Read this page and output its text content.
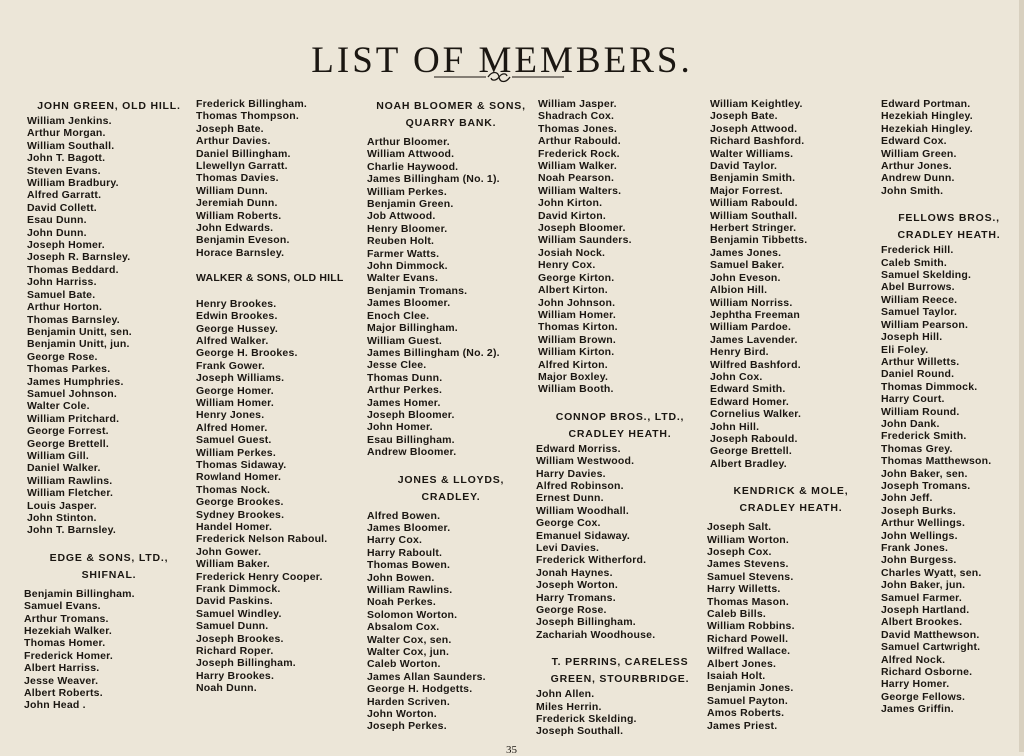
LIST OF MEMBERS.
JOHN GREEN, OLD HILL.
William Jenkins.
Arthur Morgan.
William Southall.
John T. Bagott.
Steven Evans.
William Bradbury.
Alfred Garratt.
David Collett.
Esau Dunn.
John Dunn.
Joseph Homer.
Joseph R. Barnsley.
Thomas Beddard.
John Harriss.
Samuel Bate.
Arthur Horton.
Thomas Barnsley.
Benjamin Unitt, sen.
Benjamin Unitt, jun.
George Rose.
Thomas Parkes.
James Humphries.
Samuel Johnson.
Walter Cole.
William Pritchard.
George Forrest.
George Brettell.
William Gill.
Daniel Walker.
William Rawlins.
William Fletcher.
Louis Jasper.
John Stinton.
John T. Barnsley.
EDGE & SONS, LTD.,
SHIFNAL.
Benjamin Billingham.
Samuel Evans.
Arthur Tromans.
Hezekiah Walker.
Thomas Homer.
Frederick Homer.
Albert Harriss.
Jesse Weaver.
Albert Roberts.
John Head .
Frederick Billingham.
Thomas Thompson.
Joseph Bate.
Arthur Davies.
Daniel Billingham.
Llewellyn Garratt.
Thomas Davies.
William Dunn.
Jeremiah Dunn.
William Roberts.
John Edwards.
Benjamin Eveson.
Horace Barnsley.
WALKER & SONS, OLD HILL
Henry Brookes.
Edwin Brookes.
George Hussey.
Alfred Walker.
George H. Brookes.
Frank Gower.
Joseph Williams.
George Homer.
William Homer.
Henry Jones.
Alfred Homer.
Samuel Guest.
William Perkes.
Thomas Sidaway.
Rowland Homer.
Thomas Nock.
George Brookes.
Sydney Brookes.
Handel Homer.
Frederick Nelson Raboul.
John Gower.
William Baker.
Frederick Henry Cooper.
Frank Dimmock.
David Paskins.
Samuel Windley.
Samuel Dunn.
Joseph Brookes.
Richard Roper.
Joseph Billingham.
Harry Brookes.
Noah Dunn.
NOAH BLOOMER & SONS,
QUARRY BANK.
Arthur Bloomer.
William Attwood.
Charlie Haywood.
James Billingham (No. 1).
William Perkes.
Benjamin Green.
Job Attwood.
Henry Bloomer.
Reuben Holt.
Farmer Watts.
John Dimmock.
Walter Evans.
Benjamin Tromans.
James Bloomer.
Enoch Clee.
Major Billingham.
William Guest.
James Billingham (No. 2).
Jesse Clee.
Thomas Dunn.
Arthur Perkes.
James Homer.
Joseph Bloomer.
John Homer.
Esau Billingham.
Andrew Bloomer.
JONES & LLOYDS,
CRADLEY.
Alfred Bowen.
James Bloomer.
Harry Cox.
Harry Raboult.
Thomas Bowen.
John Bowen.
William Rawlins.
Noah Perkes.
Solomon Worton.
Absalom Cox.
Walter Cox, sen.
Walter Cox, jun.
Caleb Worton.
James Allan Saunders.
George H. Hodgetts.
Harden Scriven.
John Worton.
Joseph Perkes.
William Jasper.
Shadrach Cox.
Thomas Jones.
Arthur Rabould.
Frederick Rock.
William Walker.
Noah Pearson.
William Walters.
John Kirton.
David Kirton.
Joseph Bloomer.
William Saunders.
Josiah Nock.
Henry Cox.
George Kirton.
Albert Kirton.
John Johnson.
William Homer.
Thomas Kirton.
William Brown.
William Kirton.
Alfred Kirton.
Major Boxley.
William Booth.
CONNOP BROS., LTD.,
CRADLEY HEATH.
Edward Morriss.
William Westwood.
Harry Davies.
Alfred Robinson.
Ernest Dunn.
William Woodhall.
George Cox.
Emanuel Sidaway.
Levi Davies.
Frederick Witherford.
Jonah Haynes.
Joseph Worton.
Harry Tromans.
George Rose.
Joseph Billingham.
Zachariah Woodhouse.
T. PERRINS, CARELESS
GREEN, STOURBRIDGE.
John Allen.
Miles Herrin.
Frederick Skelding.
Joseph Southall.
William Keightley.
Joseph Bate.
Joseph Attwood.
Richard Bashford.
Walter Williams.
David Taylor.
Benjamin Smith.
Major Forrest.
William Rabould.
William Southall.
Herbert Stringer.
Benjamin Tibbetts.
James Jones.
Samuel Baker.
John Eveson.
Albion Hill.
William Norriss.
Jephtha Freeman
William Pardoe.
James Lavender.
Henry Bird.
Wilfred Bashford.
John Cox.
Edward Smith.
Edward Homer.
Cornelius Walker.
John Hill.
Joseph Rabould.
George Brettell.
Albert Bradley.
KENDRICK & MOLE,
CRADLEY HEATH.
Joseph Salt.
William Worton.
Joseph Cox.
James Stevens.
Samuel Stevens.
Harry Willetts.
Thomas Mason.
Caleb Bills.
William Robbins.
Richard Powell.
Wilfred Wallace.
Albert Jones.
Isaiah Holt.
Benjamin Jones.
Samuel Payton.
Amos Roberts.
James Priest.
Edward Portman.
Hezekiah Hingley.
Hezekiah Hingley.
Edward Cox.
William Green.
Arthur Jones.
Andrew Dunn.
John Smith.
FELLOWS BROS.,
CRADLEY HEATH.
Frederick Hill.
Caleb Smith.
Samuel Skelding.
Abel Burrows.
William Reece.
Samuel Taylor.
William Pearson.
Joseph Hill.
Eli Foley.
Arthur Willetts.
Daniel Round.
Thomas Dimmock.
Harry Court.
William Round.
John Dank.
Frederick Smith.
Thomas Grey.
Thomas Matthewson.
John Baker, sen.
Joseph Tromans.
John Jeff.
Joseph Burks.
Arthur Wellings.
John Wellings.
Frank Jones.
John Burgess.
Charles Wyatt, sen.
John Baker, jun.
Samuel Farmer.
Joseph Hartland.
Albert Brookes.
David Matthewson.
Samuel Cartwright.
Alfred Nock.
Richard Osborne.
Harry Homer.
George Fellows.
James Griffin.
35
